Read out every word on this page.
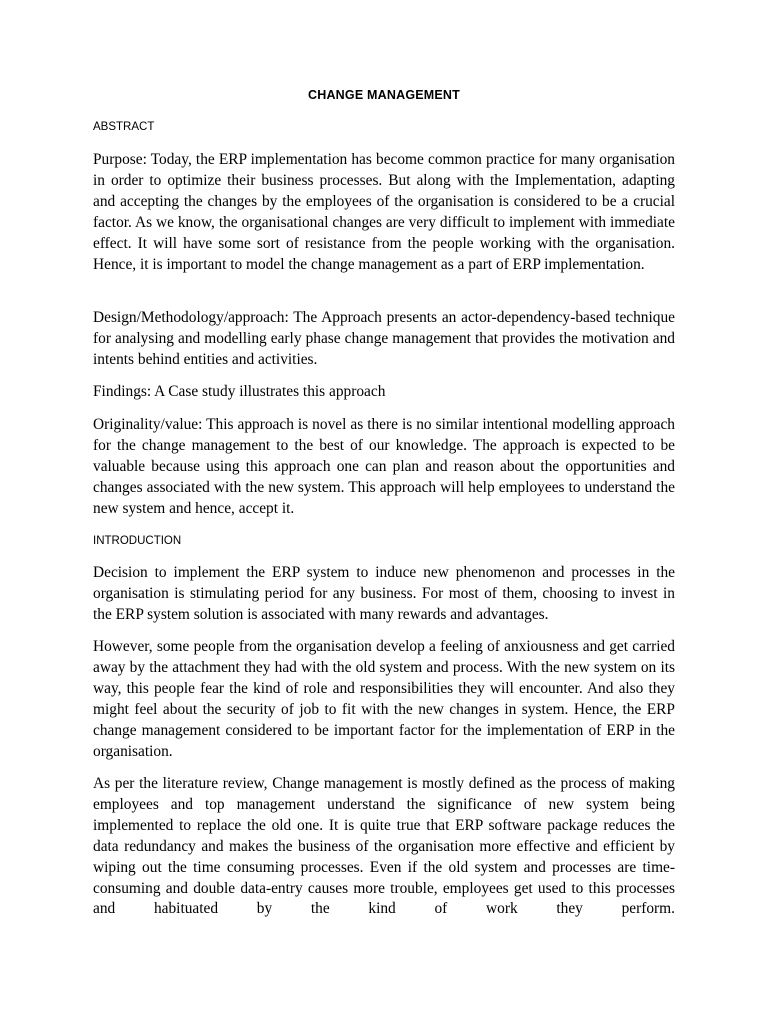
CHANGE MANAGEMENT
ABSTRACT

Purpose: Today, the ERP implementation has become common practice for many organisation in order to optimize their business processes. But along with the Implementation, adapting and accepting the changes by the employees of the organisation is considered to be a crucial factor. As we know, the organisational changes are very difficult to implement with immediate effect. It will have some sort of resistance from the people working with the organisation. Hence, it is important to model the change management as a part of ERP implementation.

Design/Methodology/approach: The Approach presents an actor-dependency-based technique for analysing and modelling early phase change management that provides the motivation and intents behind entities and activities.

Findings: A Case study illustrates this approach

Originality/value: This approach is novel as there is no similar intentional modelling approach for the change management to the best of our knowledge. The approach is expected to be valuable because using this approach one can plan and reason about the opportunities and changes associated with the new system. This approach will help employees to understand the new system and hence, accept it.

INTRODUCTION

Decision to implement the ERP system to induce new phenomenon and processes in the organisation is stimulating period for any business. For most of them, choosing to invest in the ERP system solution is associated with many rewards and advantages.

However, some people from the organisation develop a feeling of anxiousness and get carried away by the attachment they had with the old system and process. With the new system on its way, this people fear the kind of role and responsibilities they will encounter. And also they might feel about the security of job to fit with the new changes in system. Hence, the ERP change management considered to be important factor for the implementation of ERP in the organisation.

As per the literature review, Change management is mostly defined as the process of making employees and top management understand the significance of new system being implemented to replace the old one. It is quite true that ERP software package reduces the data redundancy and makes the business of the organisation more effective and efficient by wiping out the time consuming processes. Even if the old system and processes are time-consuming and double data-entry causes more trouble, employees get used to this processes and habituated by the kind of work they perform.
